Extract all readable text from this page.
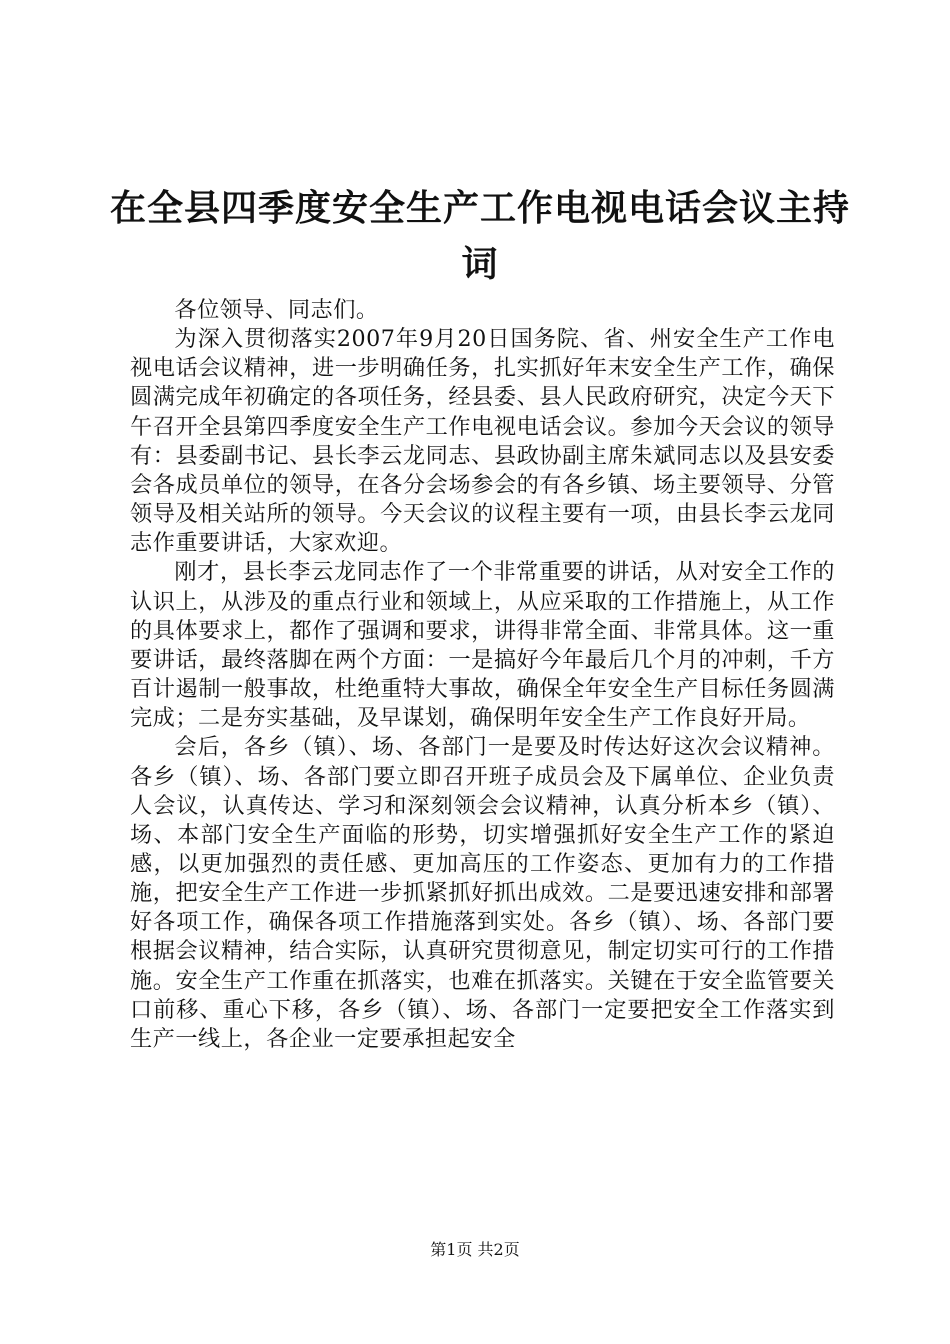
在全县四季度安全生产工作电视电话会议主持词

各位领导、同志们。

为深入贯彻落实2007年9月20日国务院、省、州安全生产工作电视电话会议精神，进一步明确任务，扎实抓好年末安全生产工作，确保圆满完成年初确定的各项任务，经县委、县人民政府研究，决定今天下午召开全县第四季度安全生产工作电视电话会议。参加今天会议的领导有：县委副书记、县长李云龙同志、县政协副主席朱斌同志以及县安委会各成员单位的领导，在各分会场参会的有各乡镇、场主要领导、分管领导及相关站所的领导。今天会议的议程主要有一项，由县长李云龙同志作重要讲话，大家欢迎。

刚才，县长李云龙同志作了一个非常重要的讲话，从对安全工作的认识上，从涉及的重点行业和领域上，从应采取的工作措施上，从工作的具体要求上，都作了强调和要求，讲得非常全面、非常具体。这一重要讲话，最终落脚在两个方面：一是搞好今年最后几个月的冲刺，千方百计遏制一般事故，杜绝重特大事故，确保全年安全生产目标任务圆满完成；二是夯实基础，及早谋划，确保明年安全生产工作良好开局。

会后，各乡（镇）、场、各部门一是要及时传达好这次会议精神。各乡（镇）、场、各部门要立即召开班子成员会及下属单位、企业负责人会议，认真传达、学习和深刻领会会议精神，认真分析本乡（镇）、场、本部门安全生产面临的形势，切实增强抓好安全生产工作的紧迫感，以更加强烈的责任感、更加高压的工作姿态、更加有力的工作措施，把安全生产工作进一步抓紧抓好抓出成效。二是要迅速安排和部署好各项工作，确保各项工作措施落到实处。各乡（镇）、场、各部门要根据会议精神，结合实际，认真研究贯彻意见，制定切实可行的工作措施。安全生产工作重在抓落实，也难在抓落实。关键在于安全监管要关口前移、重心下移，各乡（镇）、场、各部门一定要把安全工作落实到生产一线上，各企业一定要承担起安全

第1页 共2页
